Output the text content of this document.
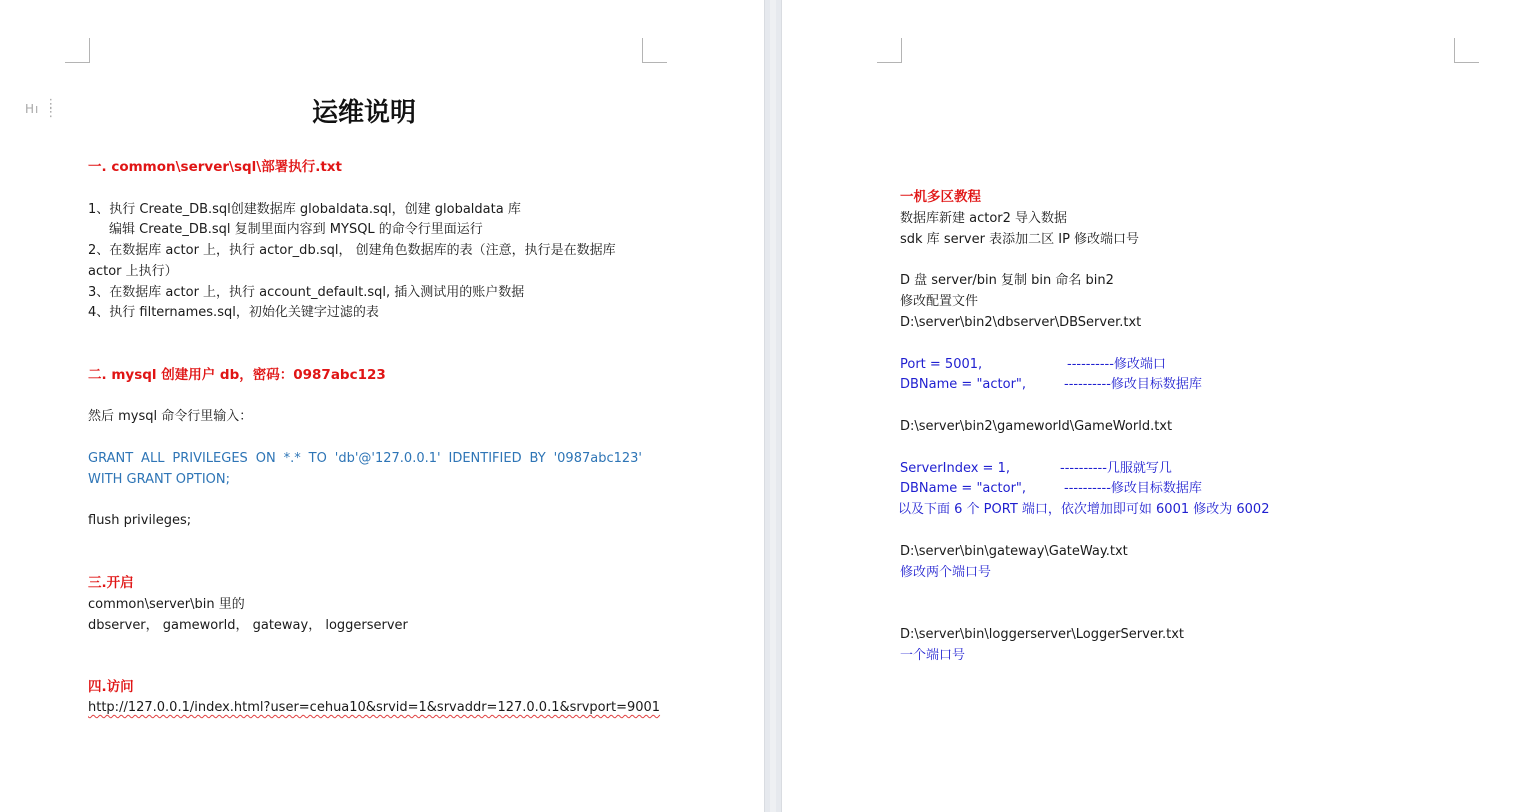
Hı ⋮⋮	运维说明
一. common\server\sql\部署执行.txt
1、执行 Create_DB.sql创建数据库 globaldata.sql，创建 globaldata 库
编辑 Create_DB.sql 复制里面内容到 MYSQL 的命令行里面运行
2、在数据库 actor 上，执行 actor_db.sql， 创建角色数据库的表（注意，执行是在数据库
actor 上执行）
3、在数据库 actor 上，执行 account_default.sql, 插入测试用的账户数据
4、执行 filternames.sql，初始化关键字过滤的表
二. mysql 创建用户 db，密码：0987abc123
然后 mysql 命令行里输入：
GRANT ALL PRIVILEGES ON *.* TO 'db'@'127.0.0.1' IDENTIFIED BY '0987abc123' WITH GRANT OPTION;
flush privileges;
三.开启
common\server\bin 里的
dbserver， gameworld， gateway， loggerserver
四.访问
http://127.0.0.1/index.html?user=cehua10&srvid=1&srvaddr=127.0.0.1&srvport=9001
一机多区教程
数据库新建 actor2 导入数据
sdk 库 server 表添加二区 IP 修改端口号
D 盘 server/bin 复制 bin 命名 bin2
修改配置文件
D:\server\bin2\dbserver\DBServer.txt
Port = 5001,	----------修改端口
DBName = "actor",	----------修改目标数据库
D:\server\bin2\gameworld\GameWorld.txt
ServerIndex = 1,	----------几服就写几
DBName = "actor",	----------修改目标数据库
以及下面 6 个 PORT 端口，依次增加即可如 6001 修改为 6002
D:\server\bin\gateway\GateWay.txt
修改两个端口号
D:\server\bin\loggerserver\LoggerServer.txt
一个端口号
